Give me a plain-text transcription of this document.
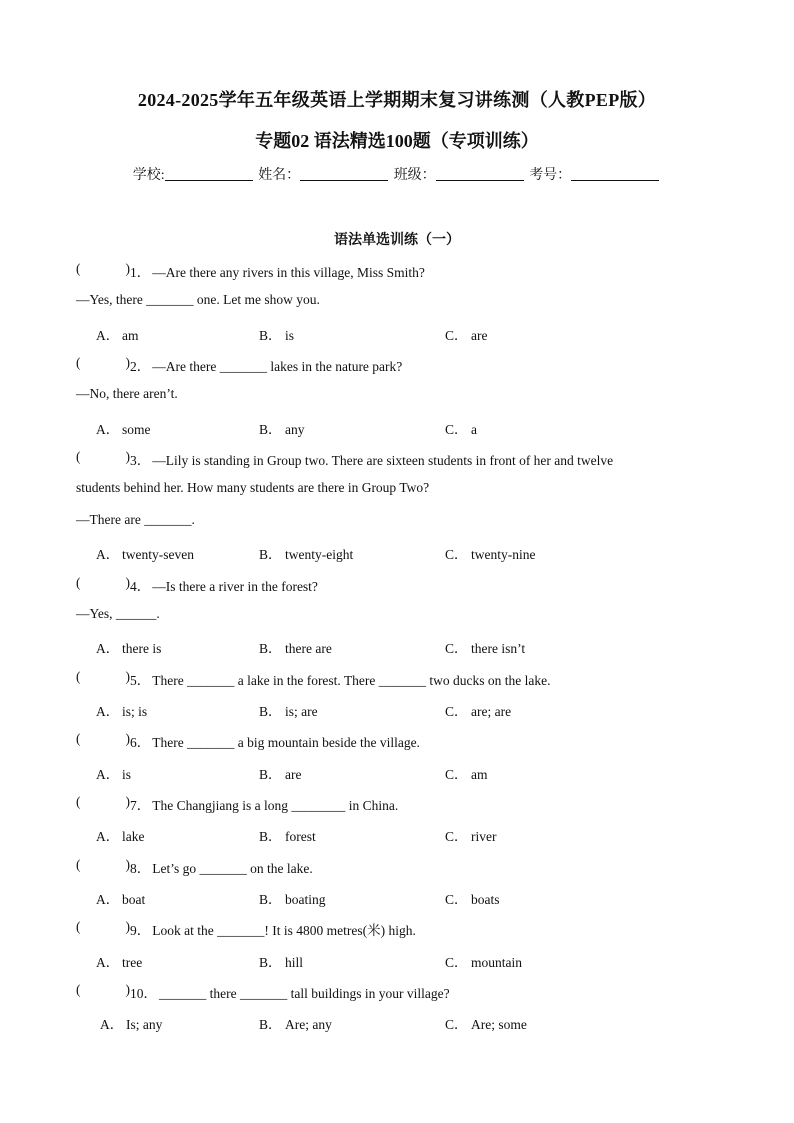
2024-2025学年五年级英语上学期期末复习讲练测（人教PEP版）
专题02 语法精选100题（专项训练）
学校:	姓名：	班级：	考号：
语法单选训练（一）
(	) 1． —Are there any rivers in this village, Miss Smith?
—Yes, there _______ one. Let me show you.
A． am	B． is	C． are
(	) 2． —Are there _______ lakes in the nature park?
—No, there aren’t.
A． some	B． any	C． a
(	) 3． —Lily is standing in Group two. There are sixteen students in front of her and twelve
students behind her. How many students are there in Group Two?
—There are _______.
A． twenty-seven	B． twenty-eight	C． twenty-nine
(	) 4． —Is there a river in the forest?
—Yes, ______.
A． there is	B． there are	C． there isn’t
(	) 5． There _______ a lake in the forest. There _______ two ducks on the lake.
A． is; is	B． is; are	C． are; are
(	) 6． There _______ a big mountain beside the village.
A． is	B． are	C． am
(	) 7． The Changjiang is a long ________ in China.
A． lake	B． forest	C． river
(	) 8． Let’s go _______ on the lake.
A． boat	B． boating	C． boats
(	) 9． Look at the _______! It is 4800 metres(米) high.
A． tree	B． hill	C． mountain
(	) 10． _______ there _______ tall buildings in your village?
A． Is; any	B． Are; any	C． Are; some
